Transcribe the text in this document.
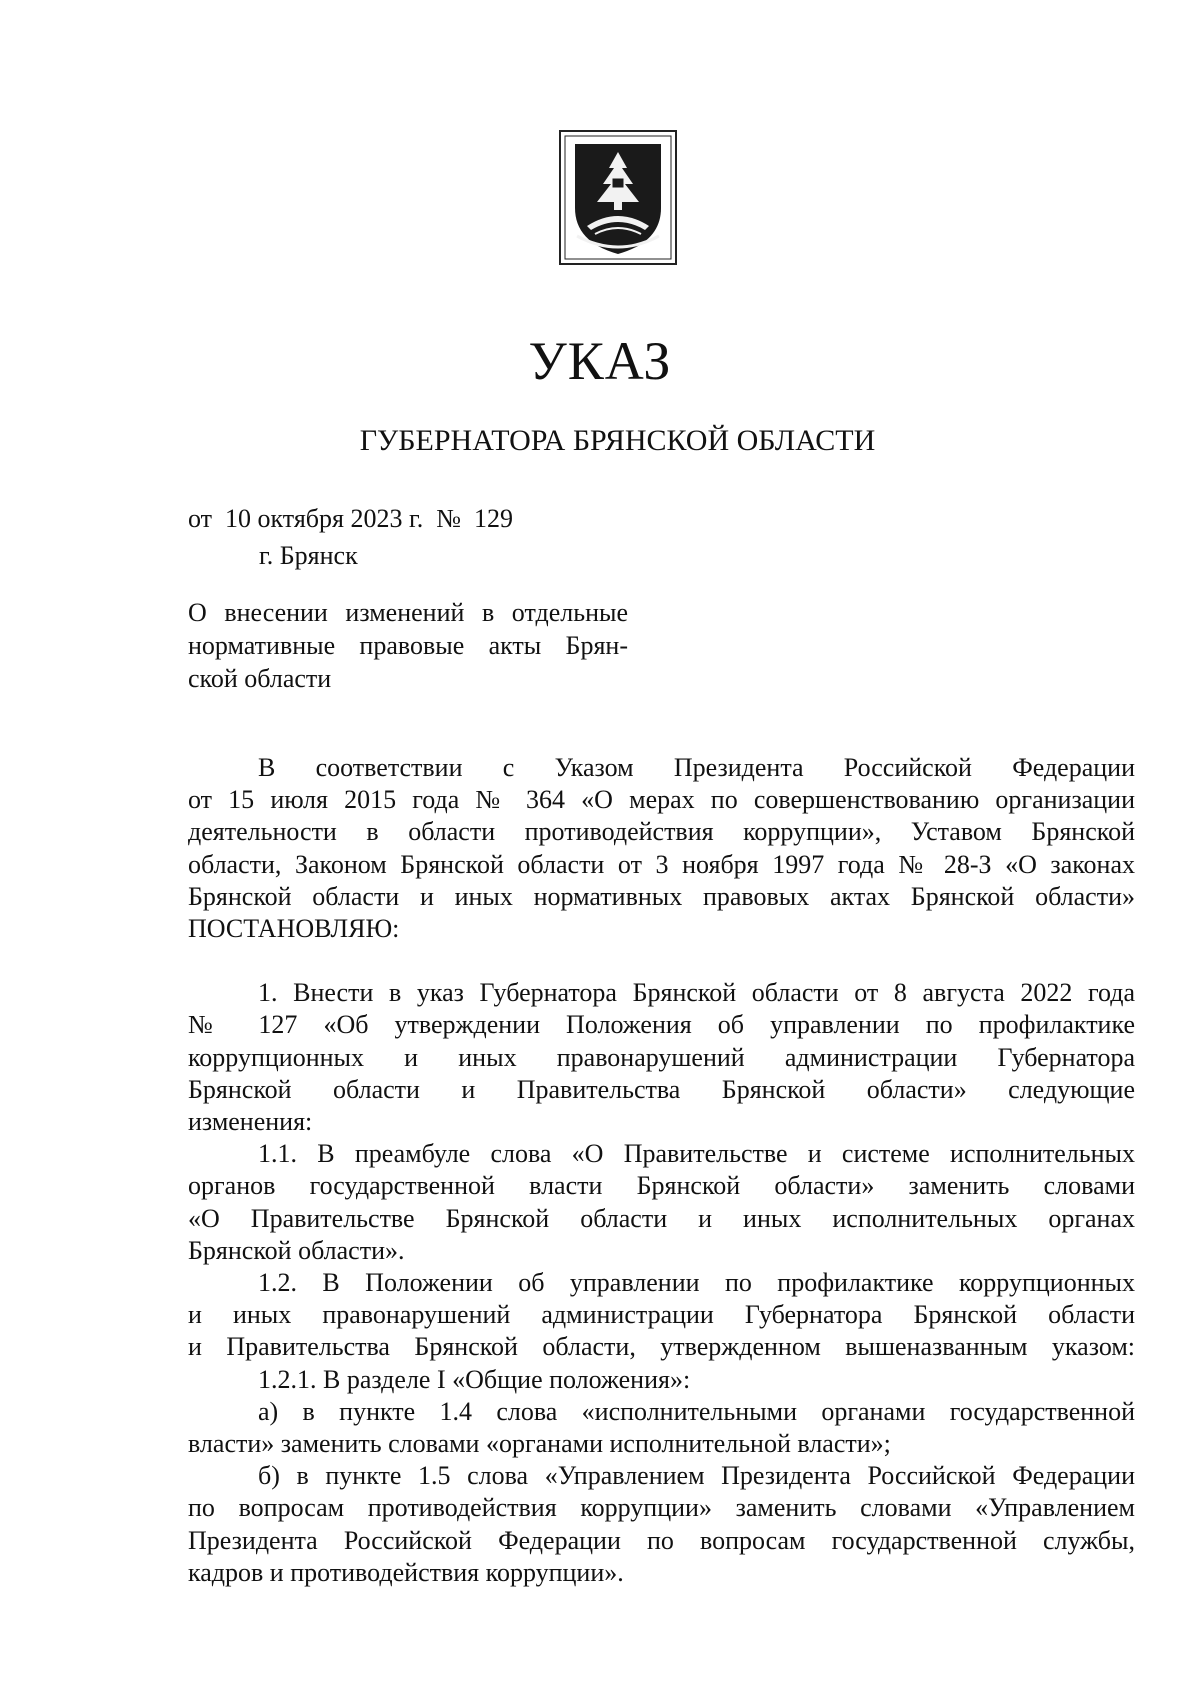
УКАЗ
ГУБЕРНАТОРА БРЯНСКОЙ ОБЛАСТИ
от  10 октября 2023 г.  №  129
г. Брянск
О внесении изменений в отдельные
нормативные правовые акты Брян-
ской области
В соответствии с Указом Президента Российской Федерации
от 15 июля 2015 года № 364 «О мерах по совершенствованию организации
деятельности в области противодействия коррупции», Уставом Брянской
области, Законом Брянской области от 3 ноября 1997 года № 28-З «О законах
Брянской области и иных нормативных правовых актах Брянской области»
ПОСТАНОВЛЯЮ:
1. Внести в указ Губернатора Брянской области от 8 августа 2022 года
№ 127 «Об утверждении Положения об управлении по профилактике
коррупционных и иных правонарушений администрации Губернатора
Брянской области и Правительства Брянской области» следующие
изменения:
1.1. В преамбуле слова «О Правительстве и системе исполнительных
органов государственной власти Брянской области» заменить словами
«О Правительстве Брянской области и иных исполнительных органах
Брянской области».
1.2. В Положении об управлении по профилактике коррупционных
и иных правонарушений администрации Губернатора Брянской области
и Правительства Брянской области, утвержденном вышеназванным указом:
1.2.1. В разделе I «Общие положения»:
а) в пункте 1.4 слова «исполнительными органами государственной
власти» заменить словами «органами исполнительной власти»;
б) в пункте 1.5 слова «Управлением Президента Российской Федерации
по вопросам противодействия коррупции» заменить словами «Управлением
Президента Российской Федерации по вопросам государственной службы,
кадров и противодействия коррупции».
